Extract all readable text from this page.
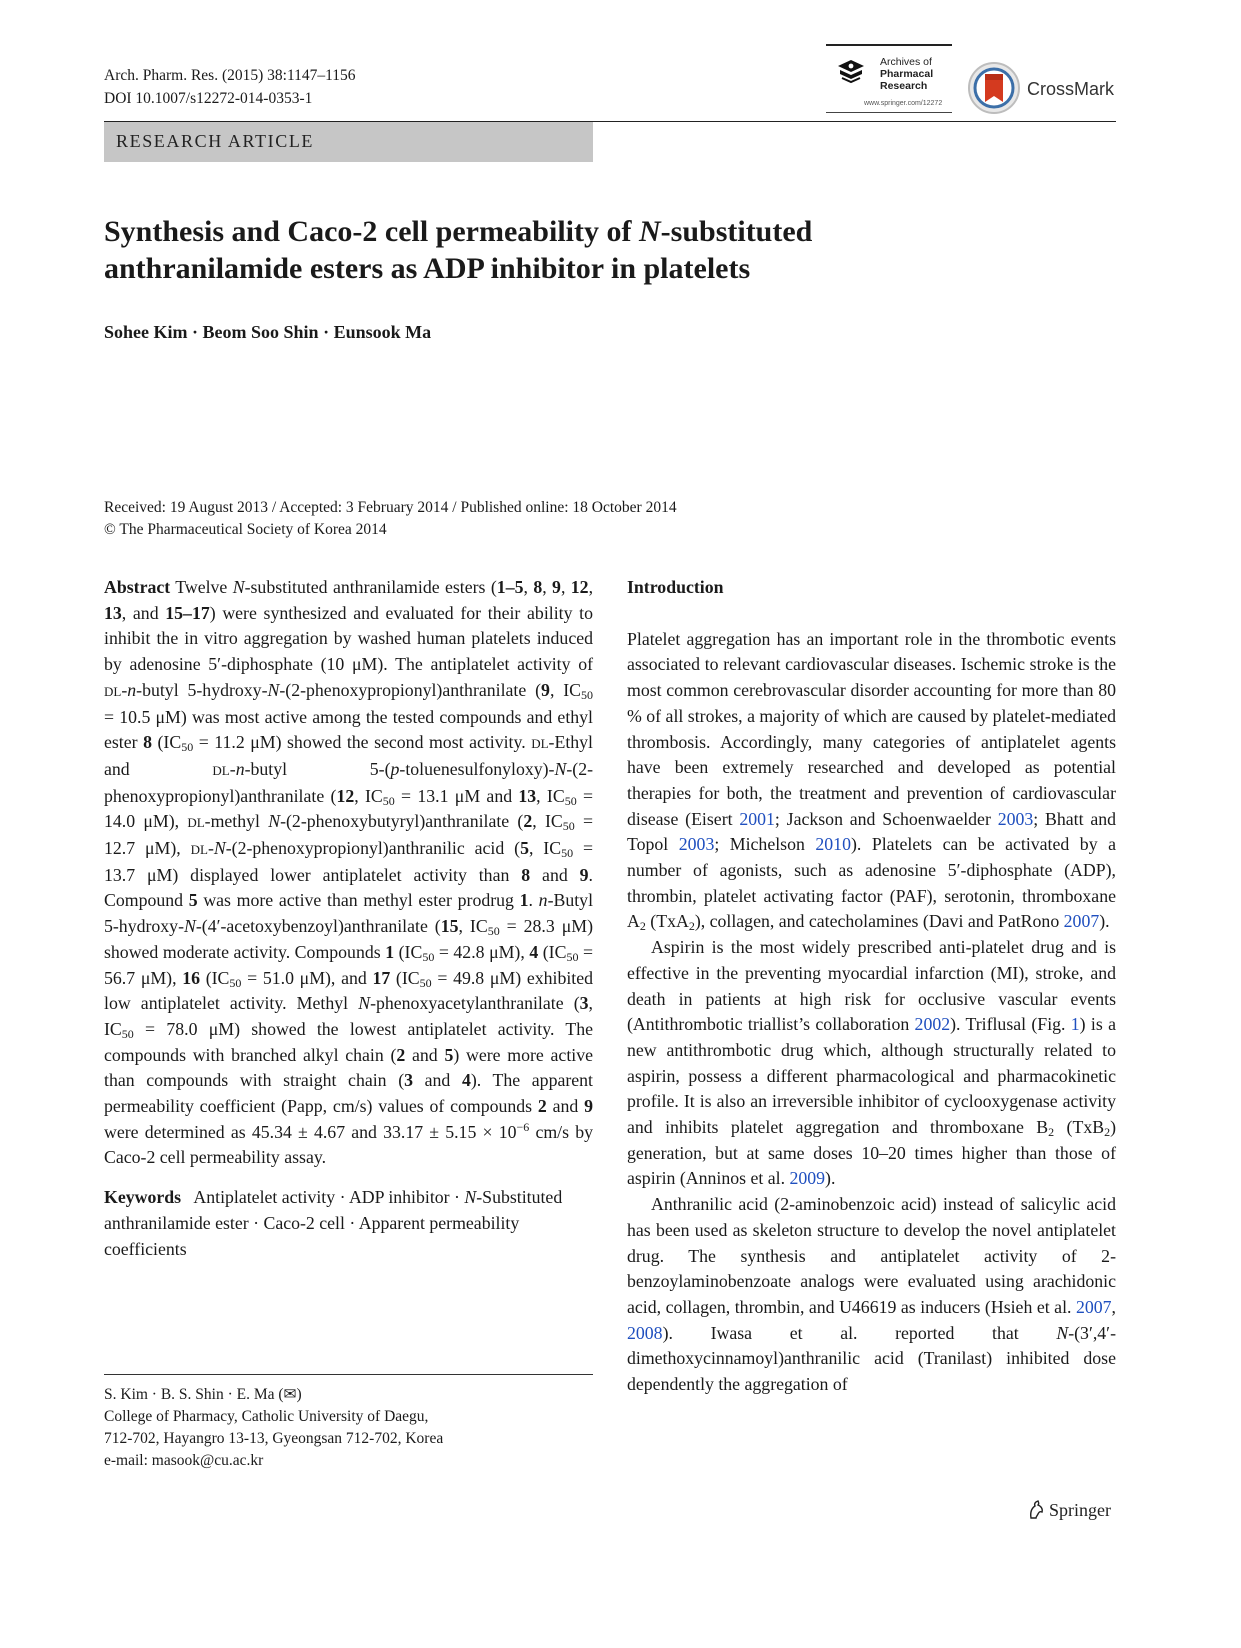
Arch. Pharm. Res. (2015) 38:1147–1156
DOI 10.1007/s12272-014-0353-1
Archives of
Pharmacal
Research
www.springer.com/12272
CrossMark
RESEARCH ARTICLE
Synthesis and Caco-2 cell permeability of N-substituted
anthranilamide esters as ADP inhibitor in platelets
Sohee Kim · Beom Soo Shin · Eunsook Ma
Received: 19 August 2013 / Accepted: 3 February 2014 / Published online: 18 October 2014
© The Pharmaceutical Society of Korea 2014

Abstract Twelve N-substituted anthranilamide esters (1–5, 8, 9, 12, 13, and 15–17) were synthesized and evaluated for their ability to inhibit the in vitro aggregation by washed human platelets induced by adenosine 5′-diphosphate (10 μM). The antiplatelet activity of DL-n-butyl 5-hydroxy-N-(2-phenoxypropionyl)anthranilate (9, $IC_{50} = 10.5$ μM) was most active among the tested compounds and ethyl ester 8 ($IC_{50} = 11.2$ μM) showed the second most activity. DL-Ethyl and DL-n-butyl 5-(p-toluenesulfonyloxy)-N-(2-phenoxypropionyl)anthranilate (12, $IC_{50} = 13.1$ μM and 13, $IC_{50} = 14.0$ μM), DL-methyl N-(2-phenoxybutyryl)anthranilate (2, $IC_{50} = 12.7$ μM), DL-N-(2-phenoxypropionyl)anthranilic acid (5, $IC_{50} = 13.7$ μM) displayed lower antiplatelet activity than 8 and 9. Compound 5 was more active than methyl ester prodrug 1. n-Butyl 5-hydroxy-N-(4′-acetoxybenzoyl)anthranilate (15, $IC_{50} = 28.3$ μM) showed moderate activity. Compounds 1 ($IC_{50} = 42.8$ μM), 4 ($IC_{50} = 56.7$ μM), 16 ($IC_{50} = 51.0$ μM), and 17 ($IC_{50} = 49.8$ μM) exhibited low antiplatelet activity. Methyl N-phenoxyacetylanthranilate (3, $IC_{50} = 78.0$ μM) showed the lowest antiplatelet activity. The compounds with branched alkyl chain (2 and 5) were more active than compounds with straight chain (3 and 4). The apparent permeability coefficient (Papp, cm/s) values of compounds 2 and 9 were determined as 45.34 ± 4.67 and $33.17 \pm 5.15 \times 10^{-6}$ cm/s by Caco-2 cell permeability assay.

Keywords Antiplatelet activity · ADP inhibitor · N-Substituted anthranilamide ester · Caco-2 cell · Apparent permeability coefficients

S. Kim · B. S. Shin · E. Ma (✉)
College of Pharmacy, Catholic University of Daegu,
712-702, Hayangro 13-13, Gyeongsan 712-702, Korea
e-mail: masook@cu.ac.kr

Introduction

Platelet aggregation has an important role in the thrombotic events associated to relevant cardiovascular diseases. Ischemic stroke is the most common cerebrovascular disorder accounting for more than 80 % of all strokes, a majority of which are caused by platelet-mediated thrombosis. Accordingly, many categories of antiplatelet agents have been extremely researched and developed as potential therapies for both, the treatment and prevention of cardiovascular disease (Eisert 2001; Jackson and Schoenwaelder 2003; Bhatt and Topol 2003; Michelson 2010). Platelets can be activated by a number of agonists, such as adenosine 5′-diphosphate (ADP), thrombin, platelet activating factor (PAF), serotonin, thromboxane $A_2$ (TxA$_2$), collagen, and catecholamines (Davi and PatRono 2007).

Aspirin is the most widely prescribed anti-platelet drug and is effective in the preventing myocardial infarction (MI), stroke, and death in patients at high risk for occlusive vascular events (Antithrombotic triallist’s collaboration 2002). Triflusal (Fig. 1) is a new antithrombotic drug which, although structurally related to aspirin, possess a different pharmacological and pharmacokinetic profile. It is also an irreversible inhibitor of cyclooxygenase activity and inhibits platelet aggregation and thromboxane $B_2$ (TxB$_2$) generation, but at same doses 10–20 times higher than those of aspirin (Anninos et al. 2009).

Anthranilic acid (2-aminobenzoic acid) instead of salicylic acid has been used as skeleton structure to develop the novel antiplatelet drug. The synthesis and antiplatelet activity of 2-benzoylaminobenzoate analogs were evaluated using arachidonic acid, collagen, thrombin, and U46619 as inducers (Hsieh et al. 2007, 2008). Iwasa et al. reported that N-(3′,4′-dimethoxycinnamoyl)anthranilic acid (Tranilast) inhibited dose dependently the aggregation of

Springer
